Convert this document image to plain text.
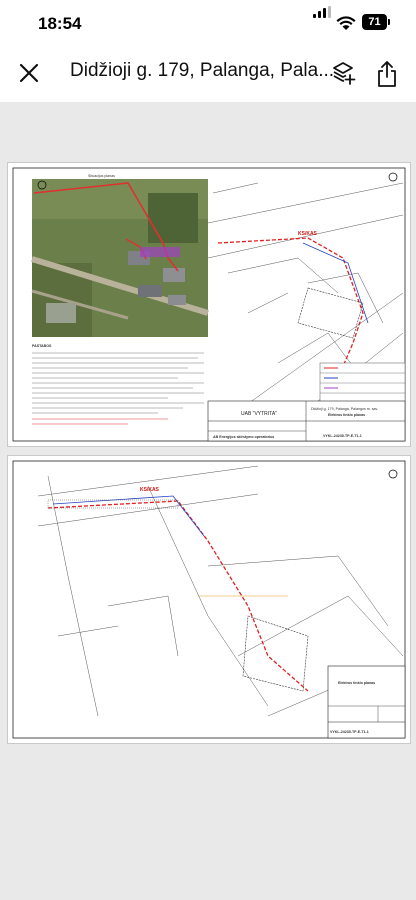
18:54	71
Didžioji g. 179, Palanga, Pala...
Situacijos planas
KS/KAS
PASTABOS
UAB "VYTRITA"	Elektros tinklo planas
Didžioji g. 179, Palanga, Palangos m. sav.
AB Energijos skirstymo operatorius	VYKL-24235-TP-E-T1-1
KS/KAS
Elektros tinklo planas
VYKL-24235-TP-E-T1-1
